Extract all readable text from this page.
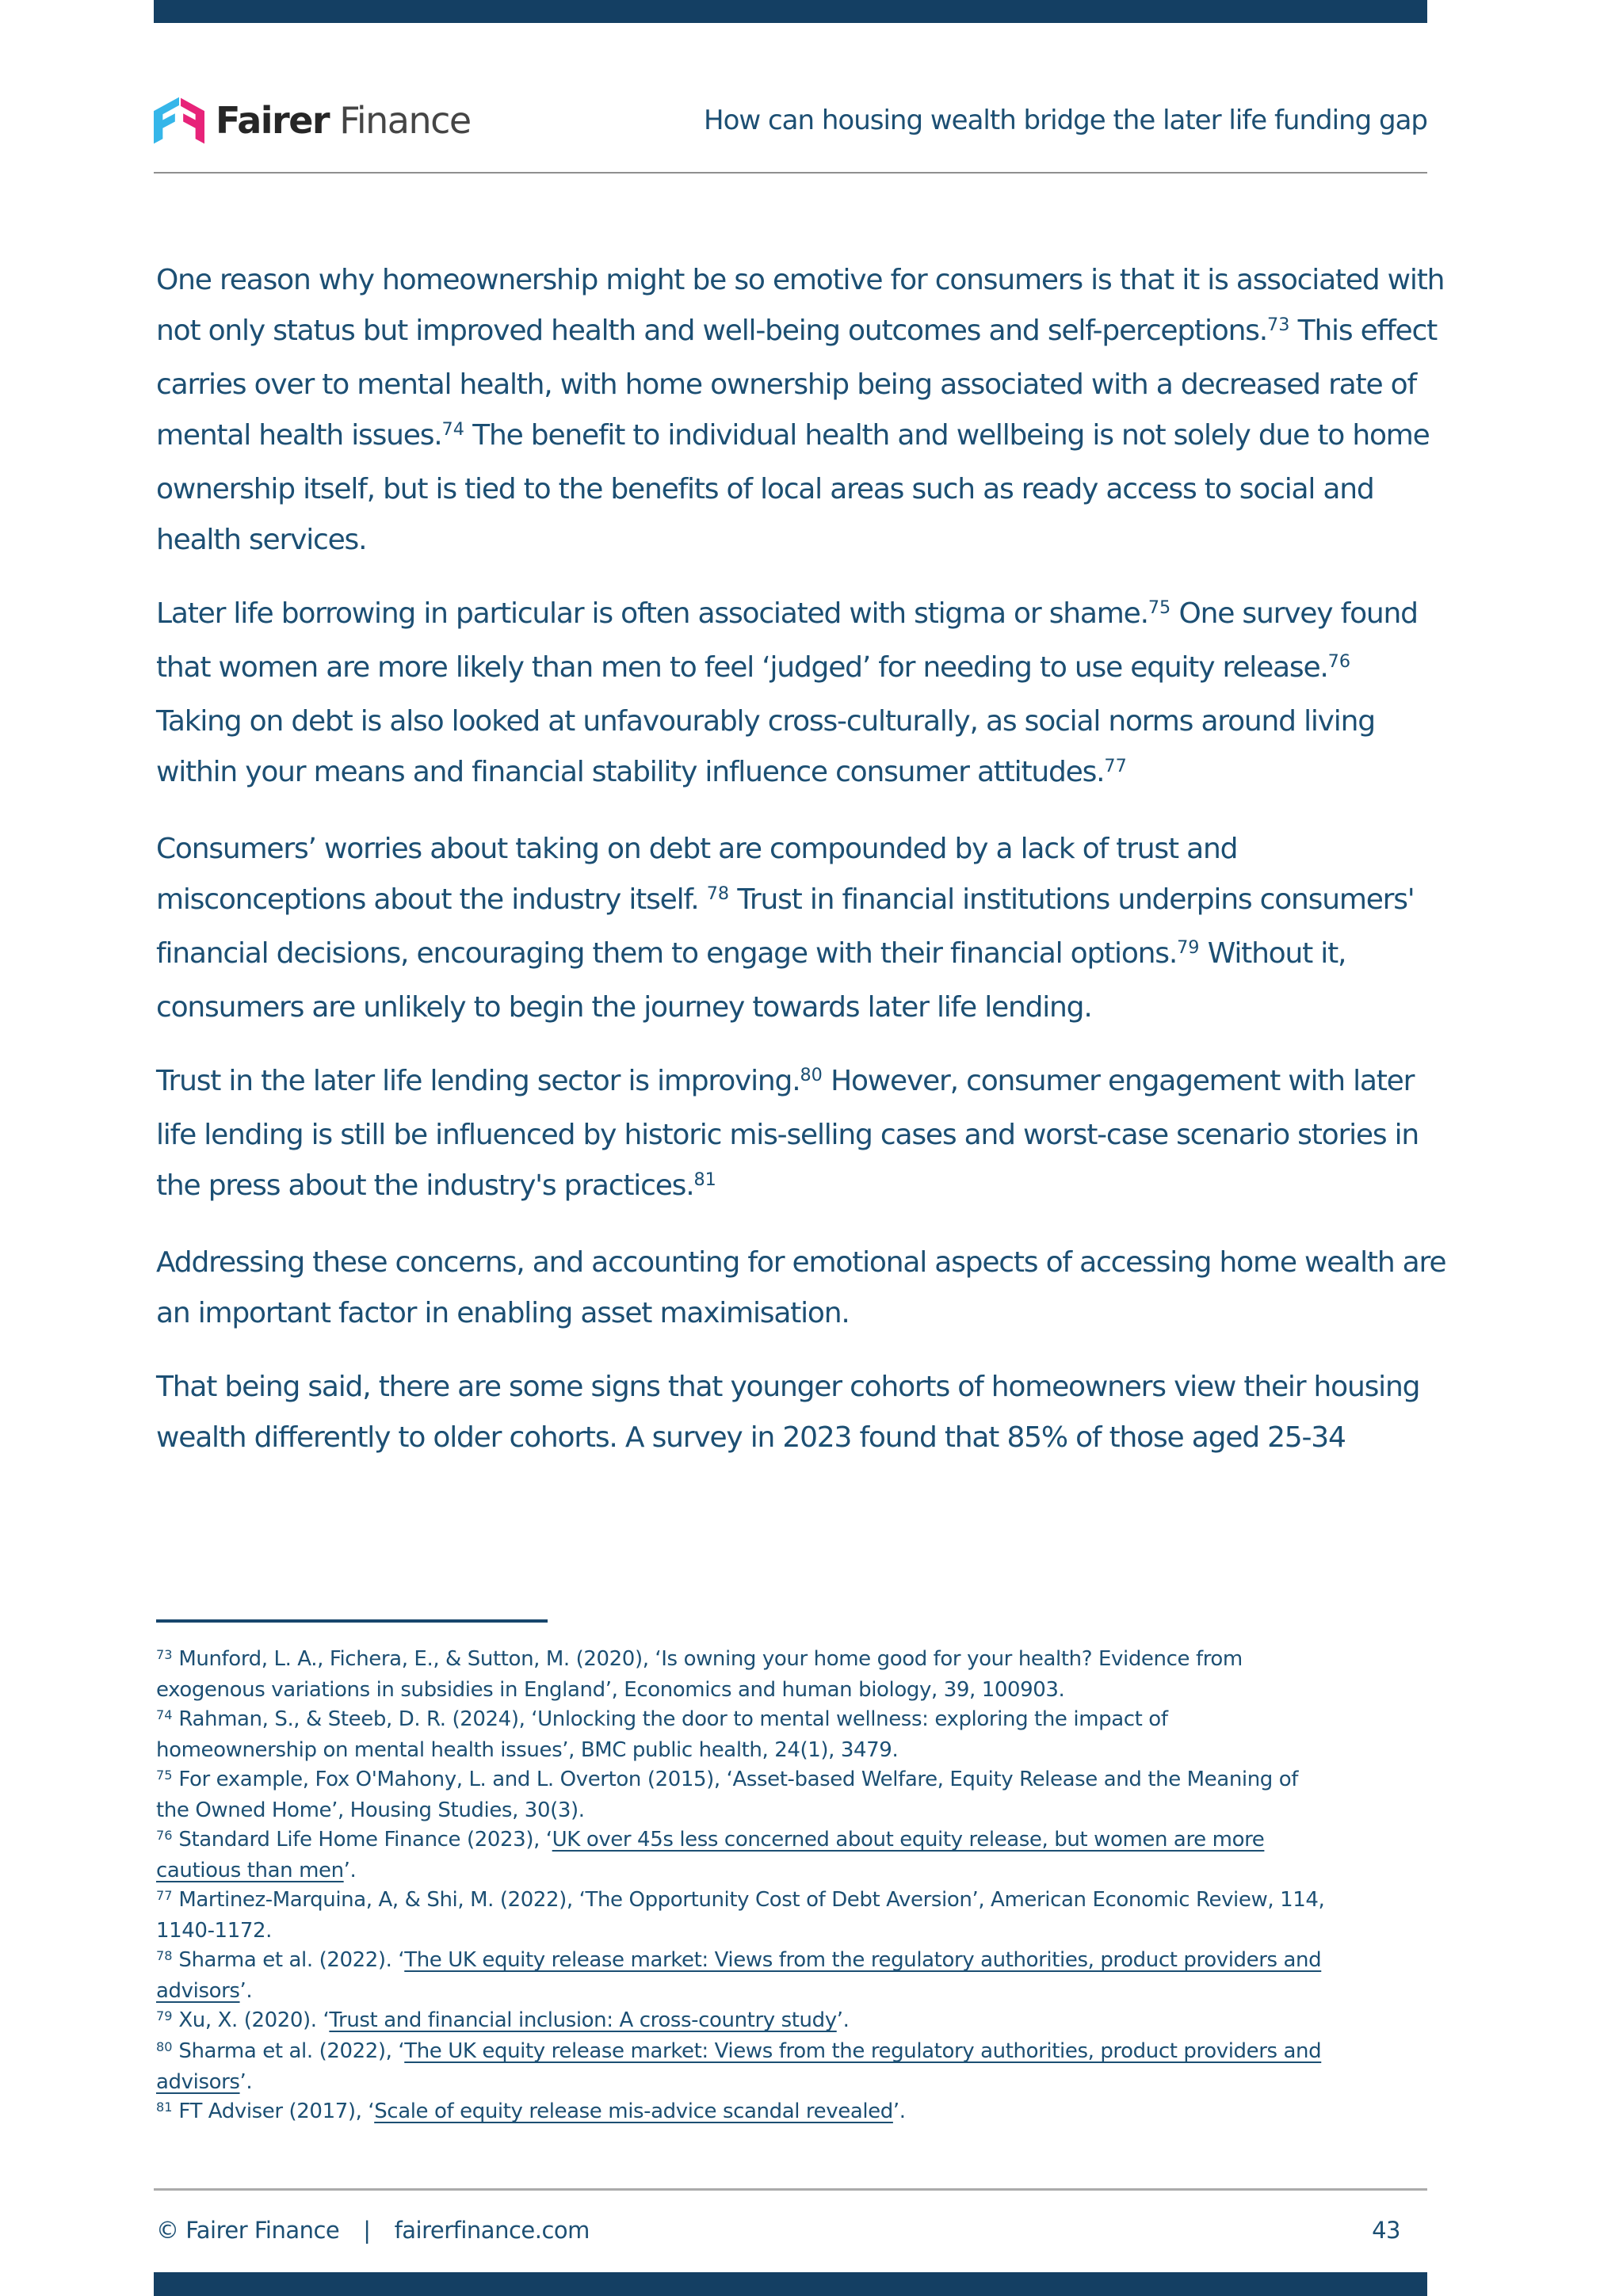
Fairer Finance	How can housing wealth bridge the later life funding gap

One reason why homeownership might be so emotive for consumers is that it is associated with
not only status but improved health and well-being outcomes and self-perceptions.$^{73}$ This effect
carries over to mental health, with home ownership being associated with a decreased rate of
mental health issues.$^{74}$ The benefit to individual health and wellbeing is not solely due to home
ownership itself, but is tied to the benefits of local areas such as ready access to social and
health services.

Later life borrowing in particular is often associated with stigma or shame.$^{75}$ One survey found
that women are more likely than men to feel ‘judged’ for needing to use equity release.$^{76}$
Taking on debt is also looked at unfavourably cross-culturally, as social norms around living
within your means and financial stability influence consumer attitudes.$^{77}$

Consumers’ worries about taking on debt are compounded by a lack of trust and
misconceptions about the industry itself. $^{78}$ Trust in financial institutions underpins consumers'
financial decisions, encouraging them to engage with their financial options.$^{79}$ Without it,
consumers are unlikely to begin the journey towards later life lending.

Trust in the later life lending sector is improving.$^{80}$ However, consumer engagement with later
life lending is still be influenced by historic mis-selling cases and worst-case scenario stories in
the press about the industry's practices.$^{81}$

Addressing these concerns, and accounting for emotional aspects of accessing home wealth are
an important factor in enabling asset maximisation.

That being said, there are some signs that younger cohorts of homeowners view their housing
wealth differently to older cohorts. A survey in 2023 found that 85% of those aged 25-34

$^{73}$ Munford, L. A., Fichera, E., & Sutton, M. (2020), ‘Is owning your home good for your health? Evidence from
exogenous variations in subsidies in England’, Economics and human biology, 39, 100903.
$^{74}$ Rahman, S., & Steeb, D. R. (2024), ‘Unlocking the door to mental wellness: exploring the impact of
homeownership on mental health issues’, BMC public health, 24(1), 3479.
$^{75}$ For example, Fox O'Mahony, L. and L. Overton (2015), ‘Asset-based Welfare, Equity Release and the Meaning of
the Owned Home’, Housing Studies, 30(3).
$^{76}$ Standard Life Home Finance (2023), ‘UK over 45s less concerned about equity release, but women are more
cautious than men’.
$^{77}$ Martinez-Marquina, A, & Shi, M. (2022), ‘The Opportunity Cost of Debt Aversion’, American Economic Review, 114,
1140-1172.
$^{78}$ Sharma et al. (2022). ‘The UK equity release market: Views from the regulatory authorities, product providers and
advisors’.
$^{79}$ Xu, X. (2020). ‘Trust and financial inclusion: A cross-country study’.
$^{80}$ Sharma et al. (2022), ‘The UK equity release market: Views from the regulatory authorities, product providers and
advisors’.
$^{81}$ FT Adviser (2017), ‘Scale of equity release mis-advice scandal revealed’.
© Fairer Finance | fairerfinance.com	43
